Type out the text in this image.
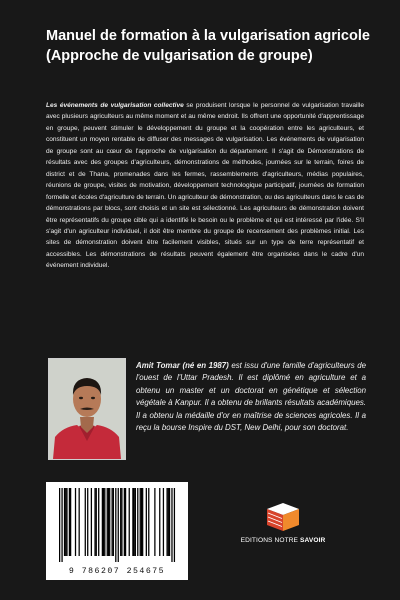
Manuel de formation à la vulgarisation agricole (Approche de vulgarisation de groupe)

Les événements de vulgarisation collective se produisent lorsque le personnel de vulgarisation travaille avec plusieurs agriculteurs au même moment et au même endroit. Ils offrent une opportunité d'apprentissage en groupe, peuvent stimuler le développement du groupe et la coopération entre les agriculteurs, et constituent un moyen rentable de diffuser des messages de vulgarisation. Les événements de vulgarisation de groupe sont au cœur de l'approche de vulgarisation du département. Il s'agit de Démonstrations de résultats avec des groupes d'agriculteurs, démonstrations de méthodes, journées sur le terrain, foires de district et de Thana, promenades dans les fermes, rassemblements d'agriculteurs, médias populaires, réunions de groupe, visites de motivation, développement technologique participatif, journées de formation formelle et écoles d'agriculture de terrain. Un agriculteur de démonstration, ou des agriculteurs dans le cas de démonstrations par blocs, sont choisis et un site est sélectionné. Les agriculteurs de démonstration doivent être représentatifs du groupe cible qui a identifié le besoin ou le problème et qui est intéressé par l'idée. S'il s'agit d'un agriculteur individuel, il doit être membre du groupe de recensement des problèmes initial. Les sites de démonstration doivent être facilement visibles, situés sur un type de terre représentatif et accessibles. Les démonstrations de résultats peuvent également être organisées dans le cadre d'un événement individuel.

Amit Tomar (né en 1987) est issu d'une famille d'agriculteurs de l'ouest de l'Uttar Pradesh. Il est diplômé en agriculture et a obtenu un master et un doctorat en génétique et sélection végétale à Kanpur. Il a obtenu de brillants résultats académiques. Il a obtenu la médaille d'or en maîtrise de sciences agricoles. Il a reçu la bourse Inspire du DST, New Delhi, pour son doctorat.

9 786207 254675
EDITIONS NOTRE SAVOIR
